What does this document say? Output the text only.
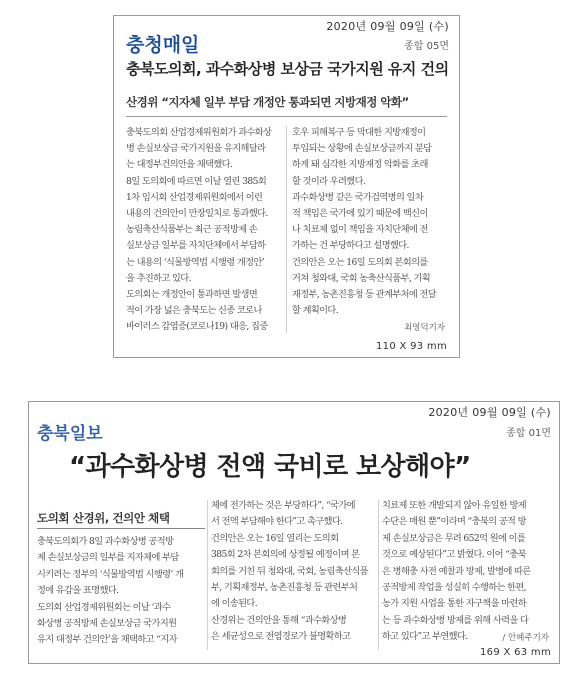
2020년 09월 09일 (수)
충청매일	종합 05면
충북도의회, 과수화상병 보상금 국가지원 유지 건의
산경위 “지자체 일부 부담 개정안 통과되면 지방재정 악화”
충북도의회 산업경제위원회가 과수화상
병 손실보상금 국가지원을 유지해달라
는 대정부건의안을 채택했다.
8일 도의회에 따르면 이날 열린 385회
1차 임시회 산업경제위원회에서 이런
내용의 건의안이 만장일치로 통과했다.
농림축산식품부는 최근 공적방제 손
실보상금 일부를 자치단체에서 부담하
는 내용의 ‘식물방역법 시행령 개정안’
을 추진하고 있다.
도의회는 개정안이 통과하면 발생면
적이 가장 넓은 충북도는 신종 코로나
바이러스 감염증(코로나19) 대응, 집중
호우 피해복구 등 막대한 지방재정이
투입되는 상황에 손실보상금까지 분담
하게 돼 심각한 지방재정 악화를 초래
할 것이라 우려했다.
과수화상병 같은 국가검역병의 일차
적 책임은 국가에 있기 때문에 백신이
나 치료제 없이 책임을 자치단체에 전
가하는 건 부당하다고 설명했다.
건의안은 오는 16일 도의회 본회의를
거쳐 청와대, 국회 농축산식품부, 기획
재정부, 농촌진흥청 등 관계부처에 전달
할 계획이다.
최영덕기자
110 X 93 mm
2020년 09월 09일 (수)
충북일보	종합 01면
“과수화상병 전액 국비로 보상해야”
도의회 산경위, 건의안 채택
충북도의회가 8일 과수화상병 공적방
제 손실보상금의 일부를 지자체에 부담
시키려는 정부의 ‘식물방역법 시행령’ 개
정에 유감을 표명했다.
도의회 산업경제위원회는 이날 ‘과수
화상병 공적방제 손실보상금 국가지원
유지 대정부 건의안’을 채택하고 “지자
체에 전가하는 것은 부당하다”, “국가에
서 전액 부담해야 한다”고 촉구했다.
건의안은 오는 16일 열리는 도의회
385회 2차 본회의에 상정될 예정이며 본
회의를 거친 뒤 청와대, 국회, 농림축산식품
부, 기획재정부, 농촌진흥청 등 관련부처
에 이송된다.
산경위는 건의안을 통해 “과수화상병
은 세균성으로 전염경로가 불명확하고
치료제 또한 개발되지 않아 유일한 방제
수단은 매원 뿐”이라며 “충북의 공적 방
제 손실보상금은 무려 652억 원에 이를
것으로 예상된다”고 밝혔다. 이어 “충북
은 병해충 사전 예찰과 방제, 발병에 따른
공적방제 작업을 성실히 수행하는 한편,
농가 지원 사업을 통한 자구책을 마련하
는 등 과수화상병 방제를 위해 사력을 다
하고 있다”고 부연했다.	/ 안혜주기자
169 X 63 mm
